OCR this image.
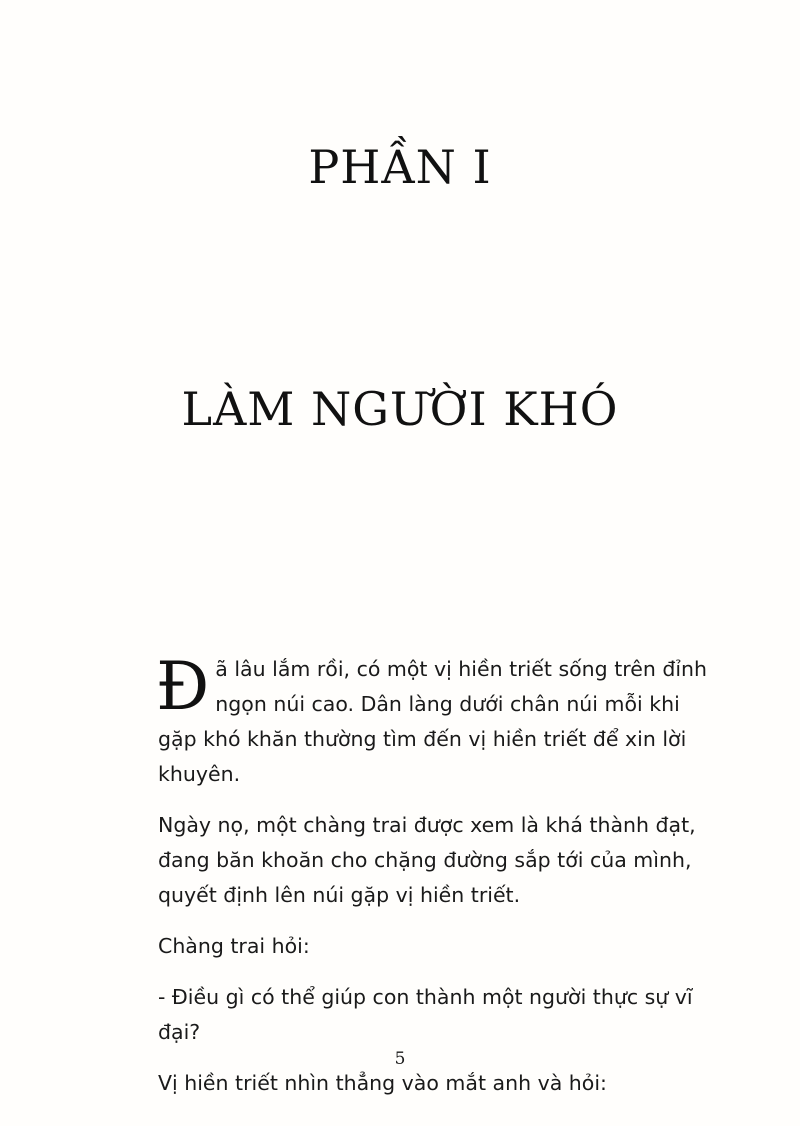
PHẦN I
LÀM NGƯỜI KHÓ

Đã lâu lắm rồi, có một vị hiền triết sống trên đỉnh ngọn núi cao. Dân làng dưới chân núi mỗi khi gặp khó khăn thường tìm đến vị hiền triết để xin lời khuyên.

Ngày nọ, một chàng trai được xem là khá thành đạt, đang băn khoăn cho chặng đường sắp tới của mình, quyết định lên núi gặp vị hiền triết.

Chàng trai hỏi:

- Điều gì có thể giúp con thành một người thực sự vĩ đại?

Vị hiền triết nhìn thẳng vào mắt anh và hỏi:

5
